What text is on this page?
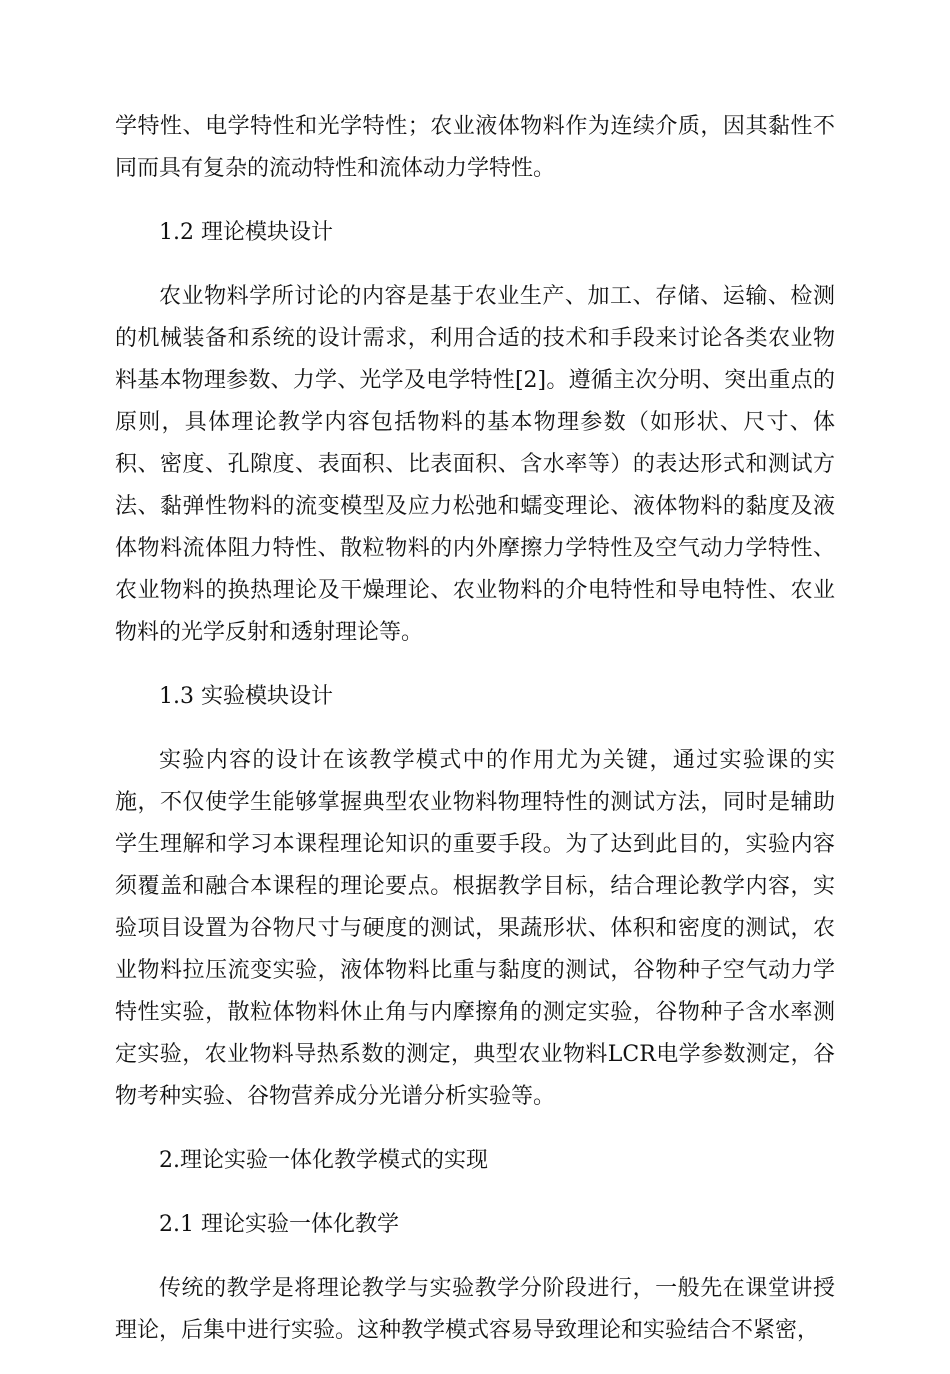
学特性、电学特性和光学特性；农业液体物料作为连续介质，因其黏性不同而具有复杂的流动特性和流体动力学特性。

1.2 理论模块设计

农业物料学所讨论的内容是基于农业生产、加工、存储、运输、检测的机械装备和系统的设计需求，利用合适的技术和手段来讨论各类农业物料基本物理参数、力学、光学及电学特性[2]。遵循主次分明、突出重点的原则，具体理论教学内容包括物料的基本物理参数（如形状、尺寸、体积、密度、孔隙度、表面积、比表面积、含水率等）的表达形式和测试方法、黏弹性物料的流变模型及应力松弛和蠕变理论、液体物料的黏度及液体物料流体阻力特性、散粒物料的内外摩擦力学特性及空气动力学特性、农业物料的换热理论及干燥理论、农业物料的介电特性和导电特性、农业物料的光学反射和透射理论等。

1.3 实验模块设计

实验内容的设计在该教学模式中的作用尤为关键，通过实验课的实施，不仅使学生能够掌握典型农业物料物理特性的测试方法，同时是辅助学生理解和学习本课程理论知识的重要手段。为了达到此目的，实验内容须覆盖和融合本课程的理论要点。根据教学目标，结合理论教学内容，实验项目设置为谷物尺寸与硬度的测试，果蔬形状、体积和密度的测试，农业物料拉压流变实验，液体物料比重与黏度的测试，谷物种子空气动力学特性实验，散粒体物料休止角与内摩擦角的测定实验，谷物种子含水率测定实验，农业物料导热系数的测定，典型农业物料LCR电学参数测定，谷物考种实验、谷物营养成分光谱分析实验等。

2.理论实验一体化教学模式的实现
2.1 理论实验一体化教学

传统的教学是将理论教学与实验教学分阶段进行，一般先在课堂讲授理论，后集中进行实验。这种教学模式容易导致理论和实验结合不紧密，
